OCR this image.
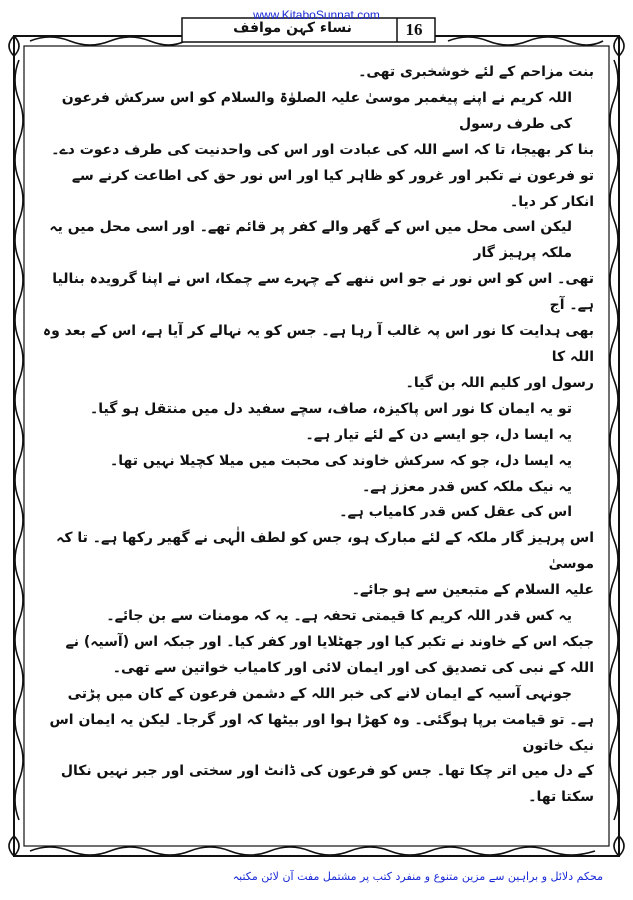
www.KitaboSunnat.com
نساء کہن موافف	16

بنت مزاحم کے لئے خوشخبری تھی۔

اللہ کریم نے اپنے پیغمبر موسیٰ علیہ الصلوٰۃ والسلام کو اس سرکش فرعون کی طرف رسول

بنا کر بھیجا، تا کہ اسے اللہ کی عبادت اور اس کی واحدنیت کی طرف دعوت دے۔

تو فرعون نے تکبر اور غرور کو ظاہر کیا اور اس نور حق کی اطاعت کرنے سے انکار کر دیا۔

لیکن اسی محل میں اس کے گھر والے کفر پر قائم تھے۔ اور اسی محل میں یہ ملکہ پرہیز گار

تھی۔ اس کو اس نور نے جو اس ننھے کے چہرے سے چمکا، اس نے اپنا گرویدہ بنالیا ہے۔ آج

بھی ہدایت کا نور اس پہ غالب آ رہا ہے۔ جس کو یہ نہالے کر آیا ہے، اس کے بعد وہ اللہ کا

رسول اور کلیم اللہ بن گیا۔

تو یہ ایمان کا نور اس پاکیزہ، صاف، سچے سفید دل میں منتقل ہو گیا۔

یہ ایسا دل، جو ایسے دن کے لئے تیار ہے۔

یہ ایسا دل، جو کہ سرکش خاوند کی محبت میں میلا کچیلا نہیں تھا۔

یہ نیک ملکہ کس قدر معزز ہے۔

اس کی عقل کس قدر کامیاب ہے۔

اس پرہیز گار ملکہ کے لئے مبارک ہو، جس کو لطف الٰہی نے گھیر رکھا ہے۔ تا کہ موسیٰ

علیہ السلام کے متبعین سے ہو جائے۔

یہ کس قدر اللہ کریم کا قیمتی تحفہ ہے۔ یہ کہ مومنات سے بن جائے۔

جبکہ اس کے خاوند نے تکبر کیا اور جھٹلایا اور کفر کیا۔ اور جبکہ اس (آسیہ) نے

اللہ کے نبی کی تصدیق کی اور ایمان لائی اور کامیاب خواتین سے تھی۔

جونہی آسیہ کے ایمان لانے کی خبر اللہ کے دشمن فرعون کے کان میں پڑتی

ہے۔ تو قیامت برپا ہوگئی۔ وہ کھڑا ہوا اور بیٹھا کہ اور گرجا۔ لیکن یہ ایمان اس نیک خاتون

کے دل میں اتر چکا تھا۔ جس کو فرعون کی ڈانٹ اور سختی اور جبر نہیں نکال سکتا تھا۔

محکم دلائل و براہین سے مزین متنوع و منفرد کتب پر مشتمل مفت آن لائن مکتبہ
